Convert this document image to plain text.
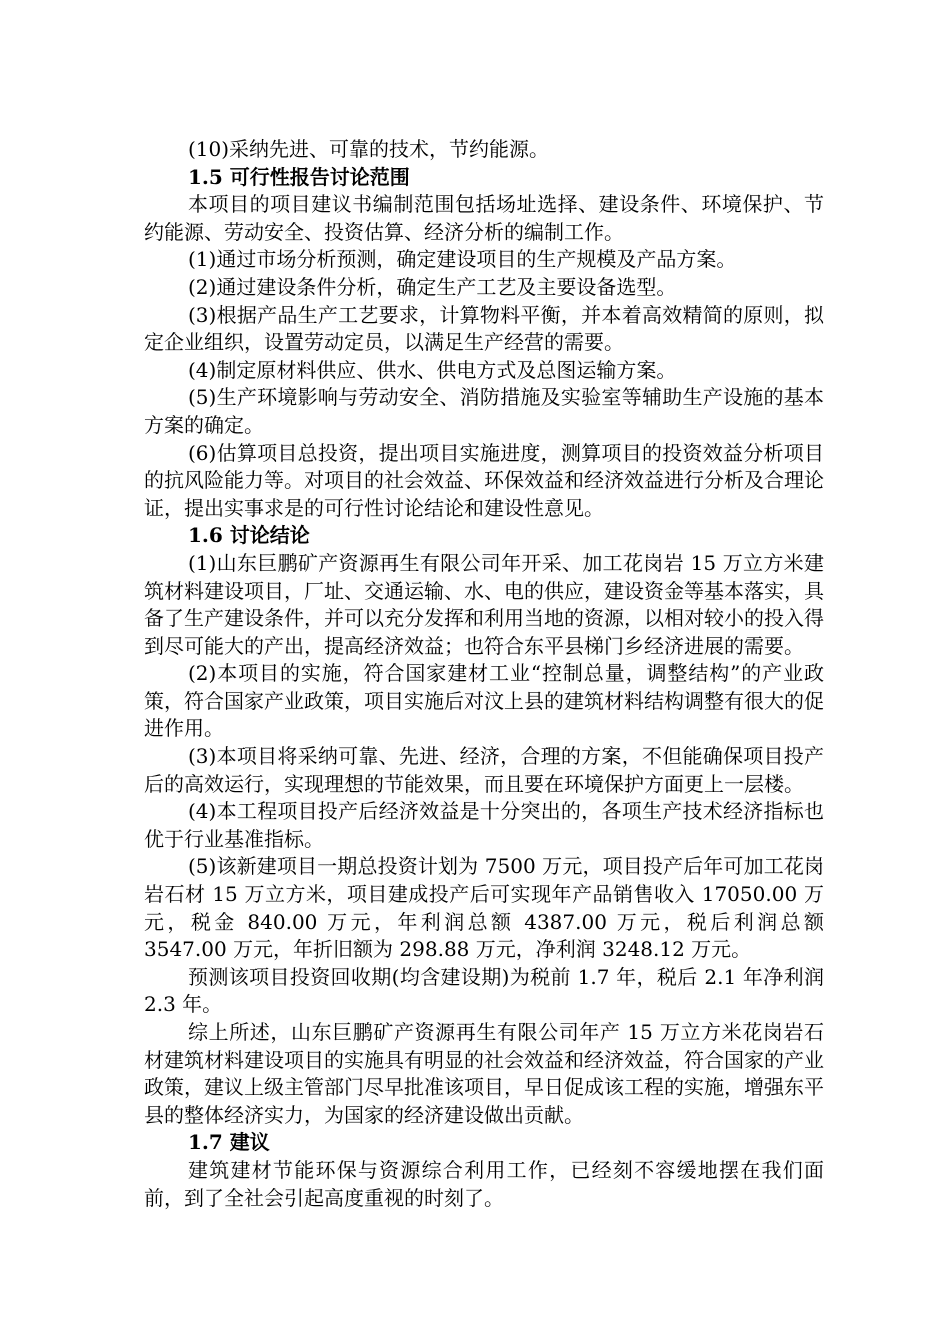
(10)采纳先进、可靠的技术，节约能源。

1.5 可行性报告讨论范围

本项目的项目建议书编制范围包括场址选择、建设条件、环境保护、节约能源、劳动安全、投资估算、经济分析的编制工作。

(1)通过市场分析预测，确定建设项目的生产规模及产品方案。

(2)通过建设条件分析，确定生产工艺及主要设备选型。

(3)根据产品生产工艺要求，计算物料平衡，并本着高效精简的原则，拟定企业组织，设置劳动定员，以满足生产经营的需要。

(4)制定原材料供应、供水、供电方式及总图运输方案。

(5)生产环境影响与劳动安全、消防措施及实验室等辅助生产设施的基本方案的确定。

(6)估算项目总投资，提出项目实施进度，测算项目的投资效益分析项目的抗风险能力等。对项目的社会效益、环保效益和经济效益进行分析及合理论证，提出实事求是的可行性讨论结论和建设性意见。

1.6 讨论结论

(1)山东巨鹏矿产资源再生有限公司年开采、加工花岗岩 15 万立方米建筑材料建设项目，厂址、交通运输、水、电的供应，建设资金等基本落实，具备了生产建设条件，并可以充分发挥和利用当地的资源，以相对较小的投入得到尽可能大的产出，提高经济效益；也符合东平县梯门乡经济进展的需要。

(2)本项目的实施，符合国家建材工业“控制总量，调整结构”的产业政策，符合国家产业政策，项目实施后对汶上县的建筑材料结构调整有很大的促进作用。

(3)本项目将采纳可靠、先进、经济，合理的方案，不但能确保项目投产后的高效运行，实现理想的节能效果，而且要在环境保护方面更上一层楼。

(4)本工程项目投产后经济效益是十分突出的，各项生产技术经济指标也优于行业基准指标。

(5)该新建项目一期总投资计划为 7500 万元，项目投产后年可加工花岗岩石材 15 万立方米，项目建成投产后可实现年产品销售收入 17050.00 万元，税金 840.00 万元，年利润总额 4387.00 万元，税后利润总额 3547.00 万元，年折旧额为 298.88 万元，净利润 3248.12 万元。

预测该项目投资回收期(均含建设期)为税前 1.7 年，税后 2.1 年净利润 2.3 年。

综上所述，山东巨鹏矿产资源再生有限公司年产 15 万立方米花岗岩石材建筑材料建设项目的实施具有明显的社会效益和经济效益，符合国家的产业政策，建议上级主管部门尽早批准该项目，早日促成该工程的实施，增强东平县的整体经济实力，为国家的经济建设做出贡献。

1.7 建议

建筑建材节能环保与资源综合利用工作，已经刻不容缓地摆在我们面前，到了全社会引起高度重视的时刻了。
